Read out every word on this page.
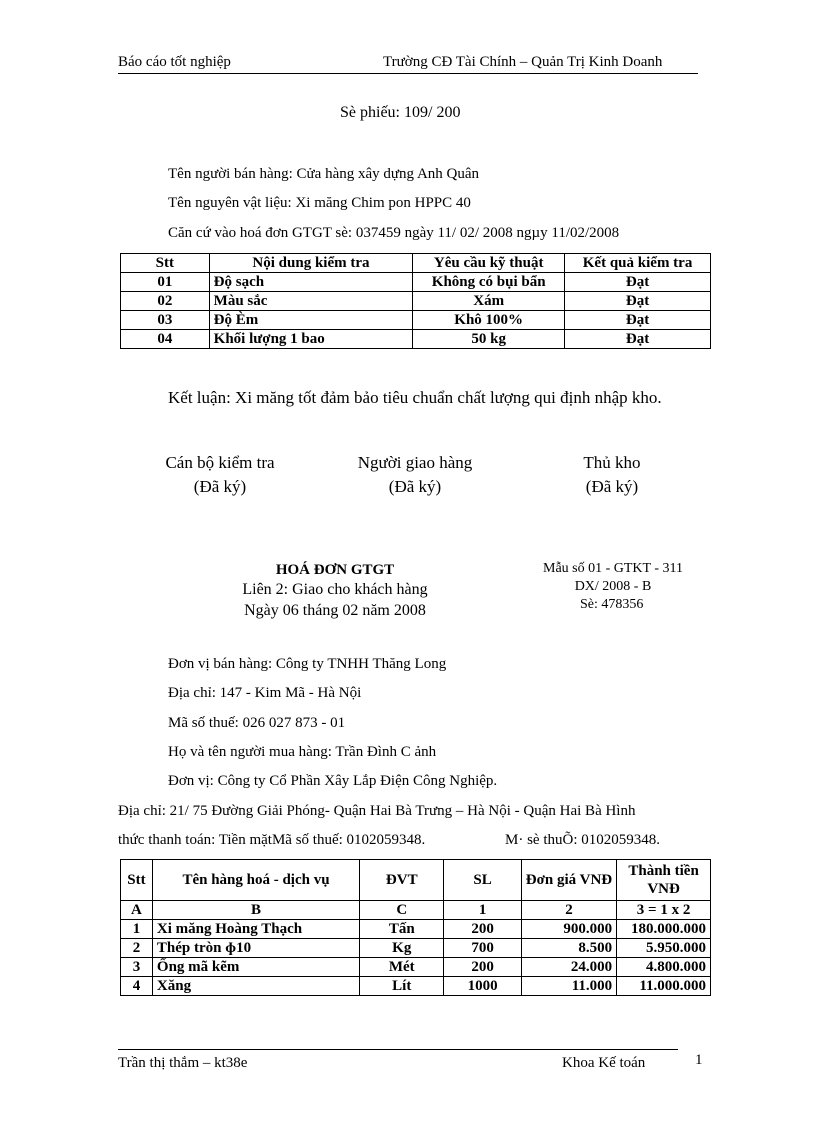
Báo cáo tốt nghiệp	Trường CĐ Tài Chính – Quản Trị Kinh Doanh
Sè phiếu: 109/ 200
Tên người bán hàng: Cửa hàng xây dựng Anh Quân
Tên nguyên vật liệu: Xi măng Chim pon HPPC 40
Căn cứ vào hoá đơn GTGT sè: 037459 ngày 11/ 02/ 2008 ngµy 11/02/2008
Stt	Nội dung kiểm tra	Yêu cầu kỹ thuật	Kết quả kiểm tra
01	Độ sạch	Không có bụi bẩn	Đạt
02	Màu sắc	Xám	Đạt
03	Độ Èm	Khô 100%	Đạt
04	Khối lượng 1 bao	50 kg	Đạt
Kết luận: Xi măng tốt đảm bảo tiêu chuẩn chất lượng qui định nhập kho.
Cán bộ kiểm tra
(Đã ký)
Người giao hàng
(Đã ký)
Thủ kho
(Đã ký)
HOÁ ĐƠN GTGT
Liên 2: Giao cho khách hàng
Ngày 06 tháng 02 năm 2008
Mẫu số 01 - GTKT - 311
DX/ 2008 - B
Sè: 478356
Đơn vị bán hàng: Công ty TNHH Thăng Long
Địa chỉ: 147 - Kim Mã - Hà Nội
Mã số thuế: 026 027 873 - 01
Họ và tên người mua hàng: Trần Đình C ảnh
Đơn vị: Công ty Cổ Phần Xây Lắp Điện Công Nghiệp.
Địa chỉ: 21/ 75 Đường Giải Phóng- Quận Hai Bà Trưng – Hà Nội - Quận Hai Bà Hình
thức thanh toán: Tiền mặtMã số thuế: 0102059348.	M· sè thuÕ: 0102059348.
Stt	Tên hàng hoá - dịch vụ	ĐVT	SL	Đơn giá VNĐ	Thành tiền
VNĐ
A	B	C	1	2	3 = 1 x 2
1	Xi măng Hoàng Thạch	Tấn	200	900.000	180.000.000
2	Thép tròn ɸ10	Kg	700	8.500	5.950.000
3	Ống mã kẽm	Mét	200	24.000	4.800.000
4	Xăng	Lít	1000	11.000	11.000.000
Trần thị thắm – kt38e	Khoa Kế toán	1
